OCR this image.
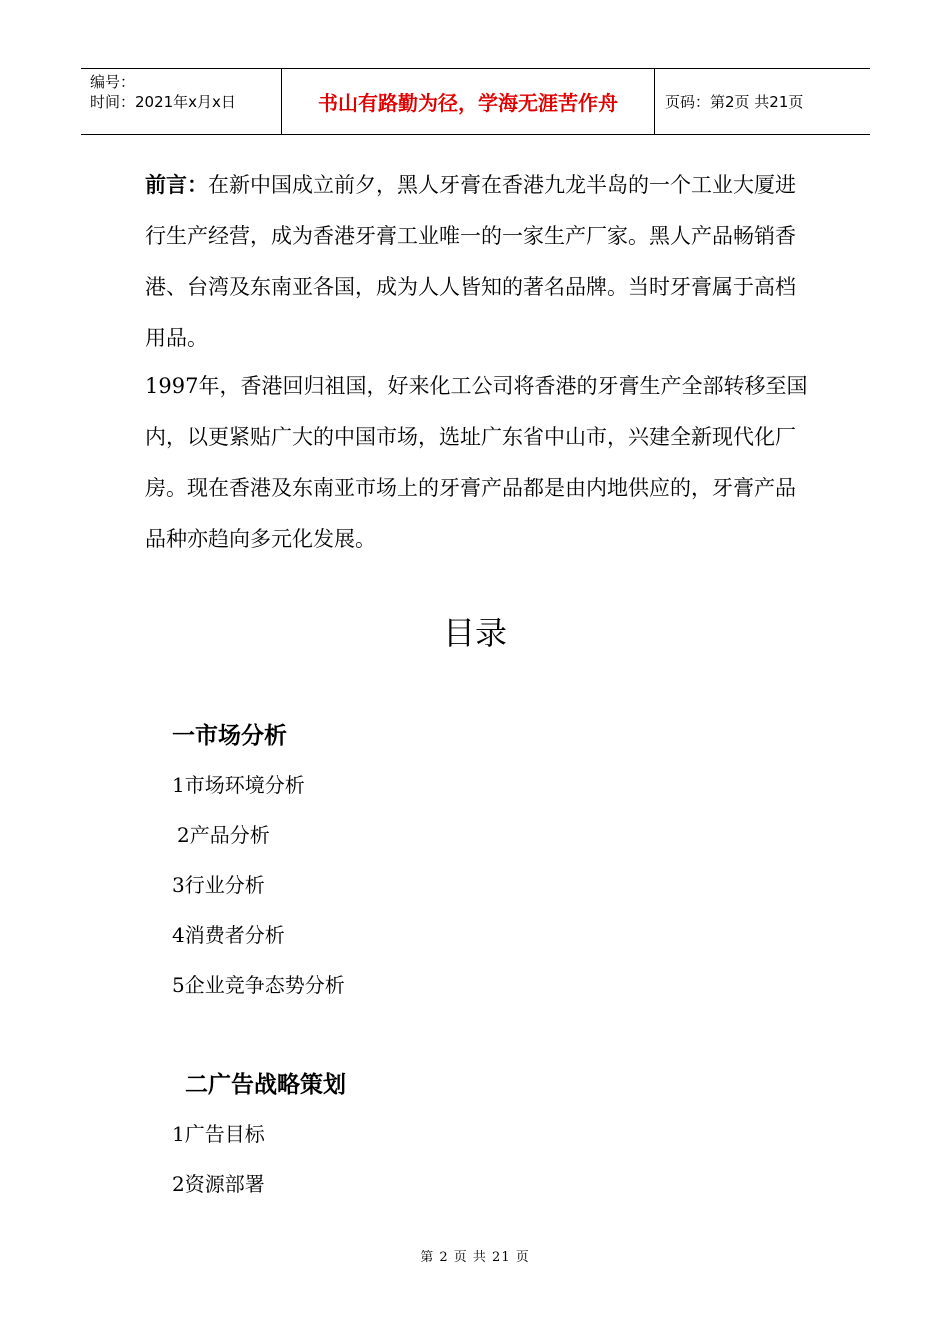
编号：
时间：2021年x月x日	书山有路勤为径，学海无涯苦作舟	页码：第2页 共21页

前言：在新中国成立前夕，黑人牙膏在香港九龙半岛的一个工业大厦进行生产经营，成为香港牙膏工业唯一的一家生产厂家。黑人产品畅销香港、台湾及东南亚各国，成为人人皆知的著名品牌。当时牙膏属于高档用品。

1997年，香港回归祖国，好来化工公司将香港的牙膏生产全部转移至国内，以更紧贴广大的中国市场，选址广东省中山市，兴建全新现代化厂房。现在香港及东南亚市场上的牙膏产品都是由内地供应的，牙膏产品品种亦趋向多元化发展。

目录
一市场分析

1市场环境分析

2产品分析

3行业分析

4消费者分析

5企业竞争态势分析

二广告战略策划

1广告目标

2资源部署

第 2 页 共 21 页
